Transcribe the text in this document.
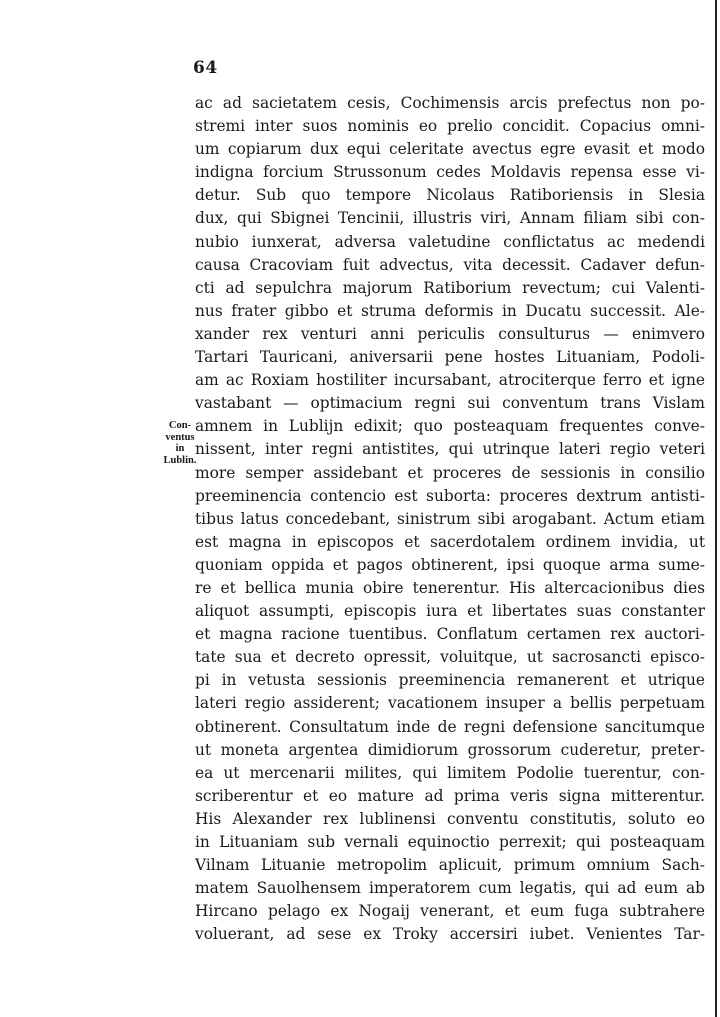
64
Con-
ventus
in
Lublin.
ac ad sacietatem cesis, Cochimensis arcis prefectus non po-
stremi inter suos nominis eo prelio concidit. Copacius omni-
um copiarum dux equi celeritate avectus egre evasit et modo
indigna forcium Strussonum cedes Moldavis repensa esse vi-
detur. Sub quo tempore Nicolaus Ratiboriensis in Slesia
dux, qui Sbignei Tencinii, illustris viri, Annam filiam sibi con-
nubio iunxerat, adversa valetudine conflictatus ac medendi
causa Cracoviam fuit advectus, vita decessit. Cadaver defun-
cti ad sepulchra majorum Ratiborium revectum; cui Valenti-
nus frater gibbo et struma deformis in Ducatu successit. Ale-
xander rex venturi anni periculis consulturus — enimvero
Tartari Tauricani, aniversarii pene hostes Lituaniam, Podoli-
am ac Roxiam hostiliter incursabant, atrociterque ferro et igne
vastabant — optimacium regni sui conventum trans Vislam
amnem in Lublijn edixit; quo posteaquam frequentes conve-
nissent, inter regni antistites, qui utrinque lateri regio veteri
more semper assidebant et proceres de sessionis in consilio
preeminencia contencio est suborta: proceres dextrum antisti-
tibus latus concedebant, sinistrum sibi arogabant. Actum etiam
est magna in episcopos et sacerdotalem ordinem invidia, ut
quoniam oppida et pagos obtinerent, ipsi quoque arma sume-
re et bellica munia obire tenerentur. His altercacionibus dies
aliquot assumpti, episcopis iura et libertates suas constanter
et magna racione tuentibus. Conflatum certamen rex auctori-
tate sua et decreto opressit, voluitque, ut sacrosancti episco-
pi in vetusta sessionis preeminencia remanerent et utrique
lateri regio assiderent; vacationem insuper a bellis perpetuam
obtinerent. Consultatum inde de regni defensione sancitumque
ut moneta argentea dimidiorum grossorum cuderetur, preter-
ea ut mercenarii milites, qui limitem Podolie tuerentur, con-
scriberentur et eo mature ad prima veris signa mitterentur.
His Alexander rex lublinensi conventu constitutis, soluto eo
in Lituaniam sub vernali equinoctio perrexit; qui posteaquam
Vilnam Lituanie metropolim aplicuit, primum omnium Sach-
matem Sauolhensem imperatorem cum legatis, qui ad eum ab
Hircano pelago ex Nogaij venerant, et eum fuga subtrahere
voluerant, ad sese ex Troky accersiri iubet. Venientes Tar-
